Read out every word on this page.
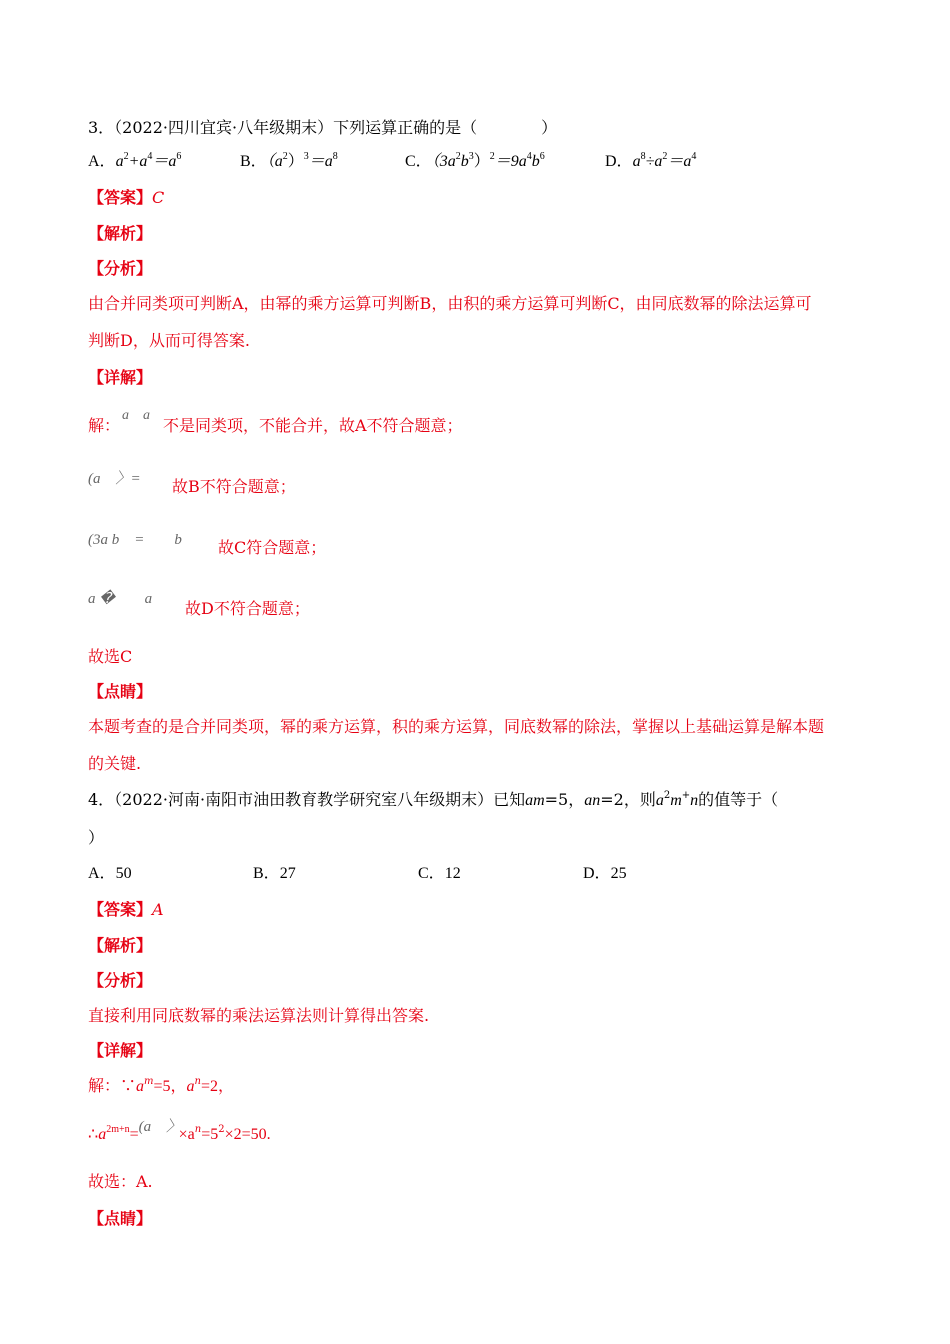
3．（2022·四川宜宾·八年级期末）下列运算正确的是（　　　　）
A．$a^2+a^4=a^6$	B．$(a^2)^3=a^8$	C．$(3a^2b^3)^2=9a^4b^6$	D．$a^8\div a^2=a^4$
【答案】C
【解析】
【分析】
由合并同类项可判断A，由幂的乘方运算可判断B，由积的乘方运算可判断C，由同底数幂的除法运算可
判断D，从而可得答案.
【详解】
解：
a　a
不是同类项，不能合并，故A不符合题意；
(a　〉= 故B不符合题意；
(3a b　=　　b 故C符合题意；
a �　　a 故D不符合题意；
故选C
【点睛】
本题考查的是合并同类项，幂的乘方运算，积的乘方运算，同底数幂的除法，掌握以上基础运算是解本题
的关键.
4．（2022·河南·南阳市油田教育教学研究室八年级期末）已知am=5，an=2，则$a^2m^+n$的值等于（
）
A．50	B．27	C．12	D．25
【答案】A
【解析】
【分析】
直接利用同底数幂的乘法运算法则计算得出答案.
【详解】
解：$\because a^m=5$，$a^n=2$，
$\therefore a^{2m+n}=(a$　〉$\times a^n=5^2\times 2=50$.
故选：A.
【点睛】
